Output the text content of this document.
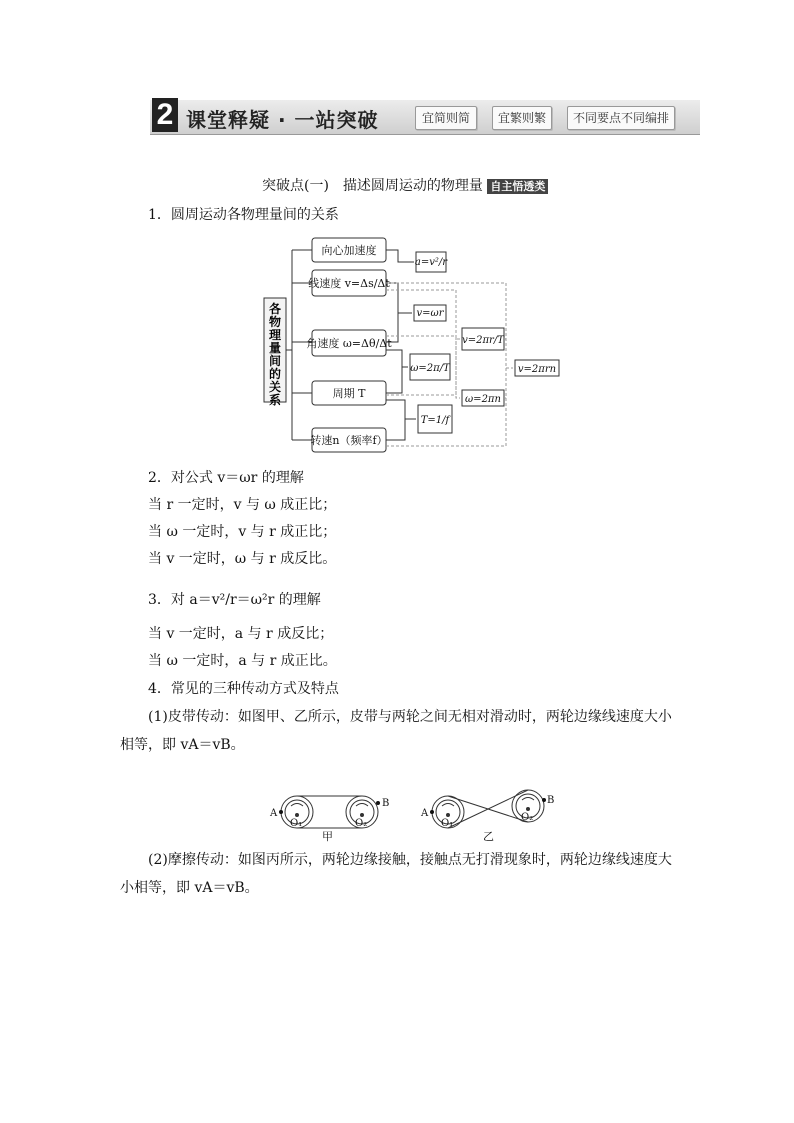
2 课堂释疑 · 一站突破	宜简则简	宜繁则繁	不同要点不同编排
突破点(一)　描述圆周运动的物理量 自主悟透类
1．圆周运动各物理量间的关系
各
物
理
量
间
的
关
系
向心加速度
线速度 v=Δs/Δt
角速度 ω=Δθ/Δt
周期 T
转速n（频率f）
a=v²/r
v=ωr
ω=2π/T
T=1/f
v=2πr/T
ω=2πn
v=2πrn
2．对公式 v＝ωr 的理解
当 r 一定时，v 与 ω 成正比；
当 ω 一定时，v 与 r 成正比；
当 v 一定时，ω 与 r 成反比。
3．对 a＝v²/r＝ω²r 的理解
当 v 一定时，a 与 r 成反比；
当 ω 一定时，a 与 r 成正比。
4．常见的三种传动方式及特点
(1)皮带传动：如图甲、乙所示，皮带与两轮之间无相对滑动时，两轮边缘线速度大小相等，即 vA＝vB。
A
B
O₁	O₂
甲
A
B
O₁
O₂
乙
(2)摩擦传动：如图丙所示，两轮边缘接触，接触点无打滑现象时，两轮边缘线速度大小相等，即 vA＝vB。
